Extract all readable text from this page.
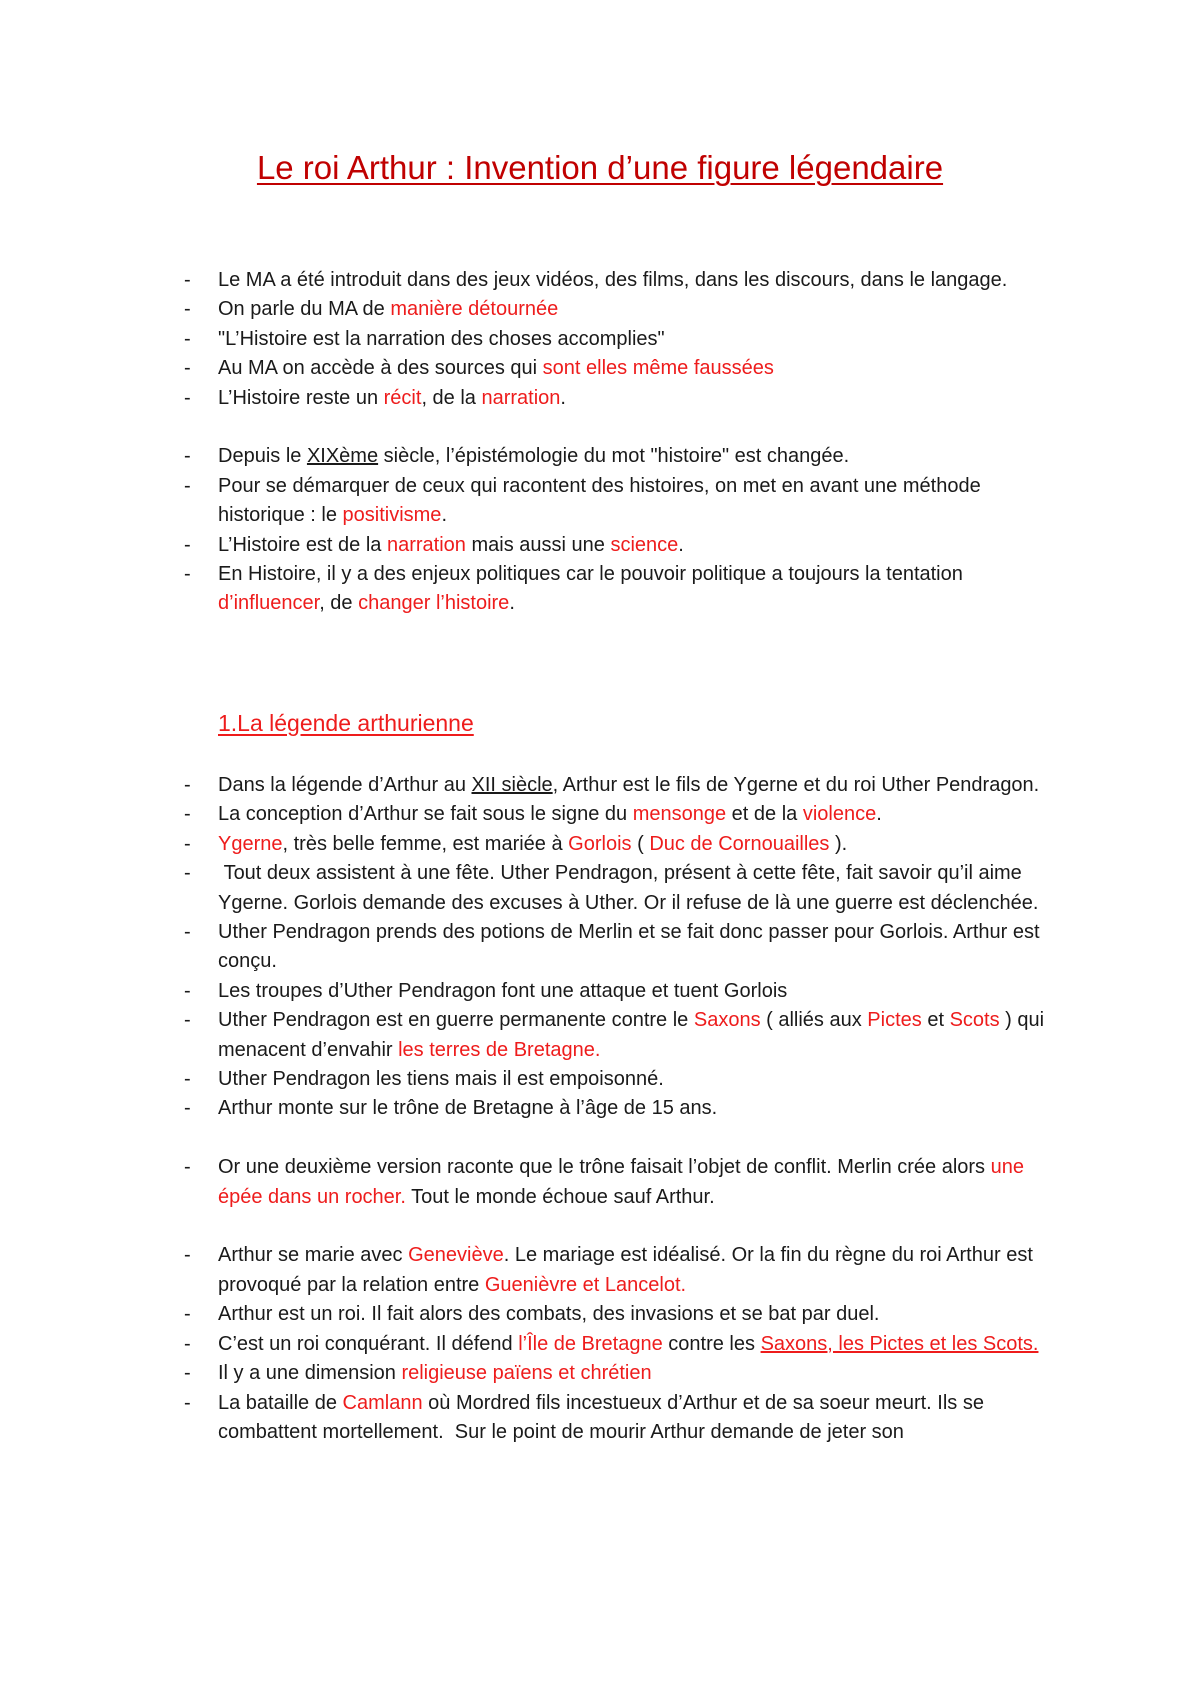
Le roi Arthur : Invention d’une figure légendaire
-	Le MA a été introduit dans des jeux vidéos, des films, dans les discours, dans le langage.
-	On parle du MA de manière détournée
-	"L’Histoire est la narration des choses accomplies"
-	Au MA on accède à des sources qui sont elles même faussées
-	L’Histoire reste un récit, de la narration.
-	Depuis le XIXème siècle, l’épistémologie du mot "histoire" est changée.
-	Pour se démarquer de ceux qui racontent des histoires, on met en avant une méthode historique : le positivisme.
-	L’Histoire est de la narration mais aussi une science.
-	En Histoire, il y a des enjeux politiques car le pouvoir politique a toujours la tentation d’influencer, de changer l’histoire.
1.La légende arthurienne
-	Dans la légende d’Arthur au XII siècle, Arthur est le fils de Ygerne et du roi Uther Pendragon.
-	La conception d’Arthur se fait sous le signe du mensonge et de la violence.
-	Ygerne, très belle femme, est mariée à Gorlois ( Duc de Cornouailles ).
-	Tout deux assistent à une fête. Uther Pendragon, présent à cette fête, fait savoir qu’il aime Ygerne. Gorlois demande des excuses à Uther. Or il refuse de là une guerre est déclenchée.
-	Uther Pendragon prends des potions de Merlin et se fait donc passer pour Gorlois. Arthur est conçu.
-	Les troupes d’Uther Pendragon font une attaque et tuent Gorlois
-	Uther Pendragon est en guerre permanente contre le Saxons ( alliés aux Pictes et Scots ) qui menacent d’envahir les terres de Bretagne.
-	Uther Pendragon les tiens mais il est empoisonné.
-	Arthur monte sur le trône de Bretagne à l’âge de 15 ans.
-	Or une deuxième version raconte que le trône faisait l’objet de conflit. Merlin crée alors une épée dans un rocher. Tout le monde échoue sauf Arthur.
-	Arthur se marie avec Geneviève. Le mariage est idéalisé. Or la fin du règne du roi Arthur est provoqué par la relation entre Guenièvre et Lancelot.
-	Arthur est un roi. Il fait alors des combats, des invasions et se bat par duel.
-	C’est un roi conquérant. Il défend l’Île de Bretagne contre les Saxons, les Pictes et les Scots.
-	Il y a une dimension religieuse païens et chrétien
-	La bataille de Camlann où Mordred fils incestueux d’Arthur et de sa soeur meurt. Ils se combattent mortellement.  Sur le point de mourir Arthur demande de jeter son
